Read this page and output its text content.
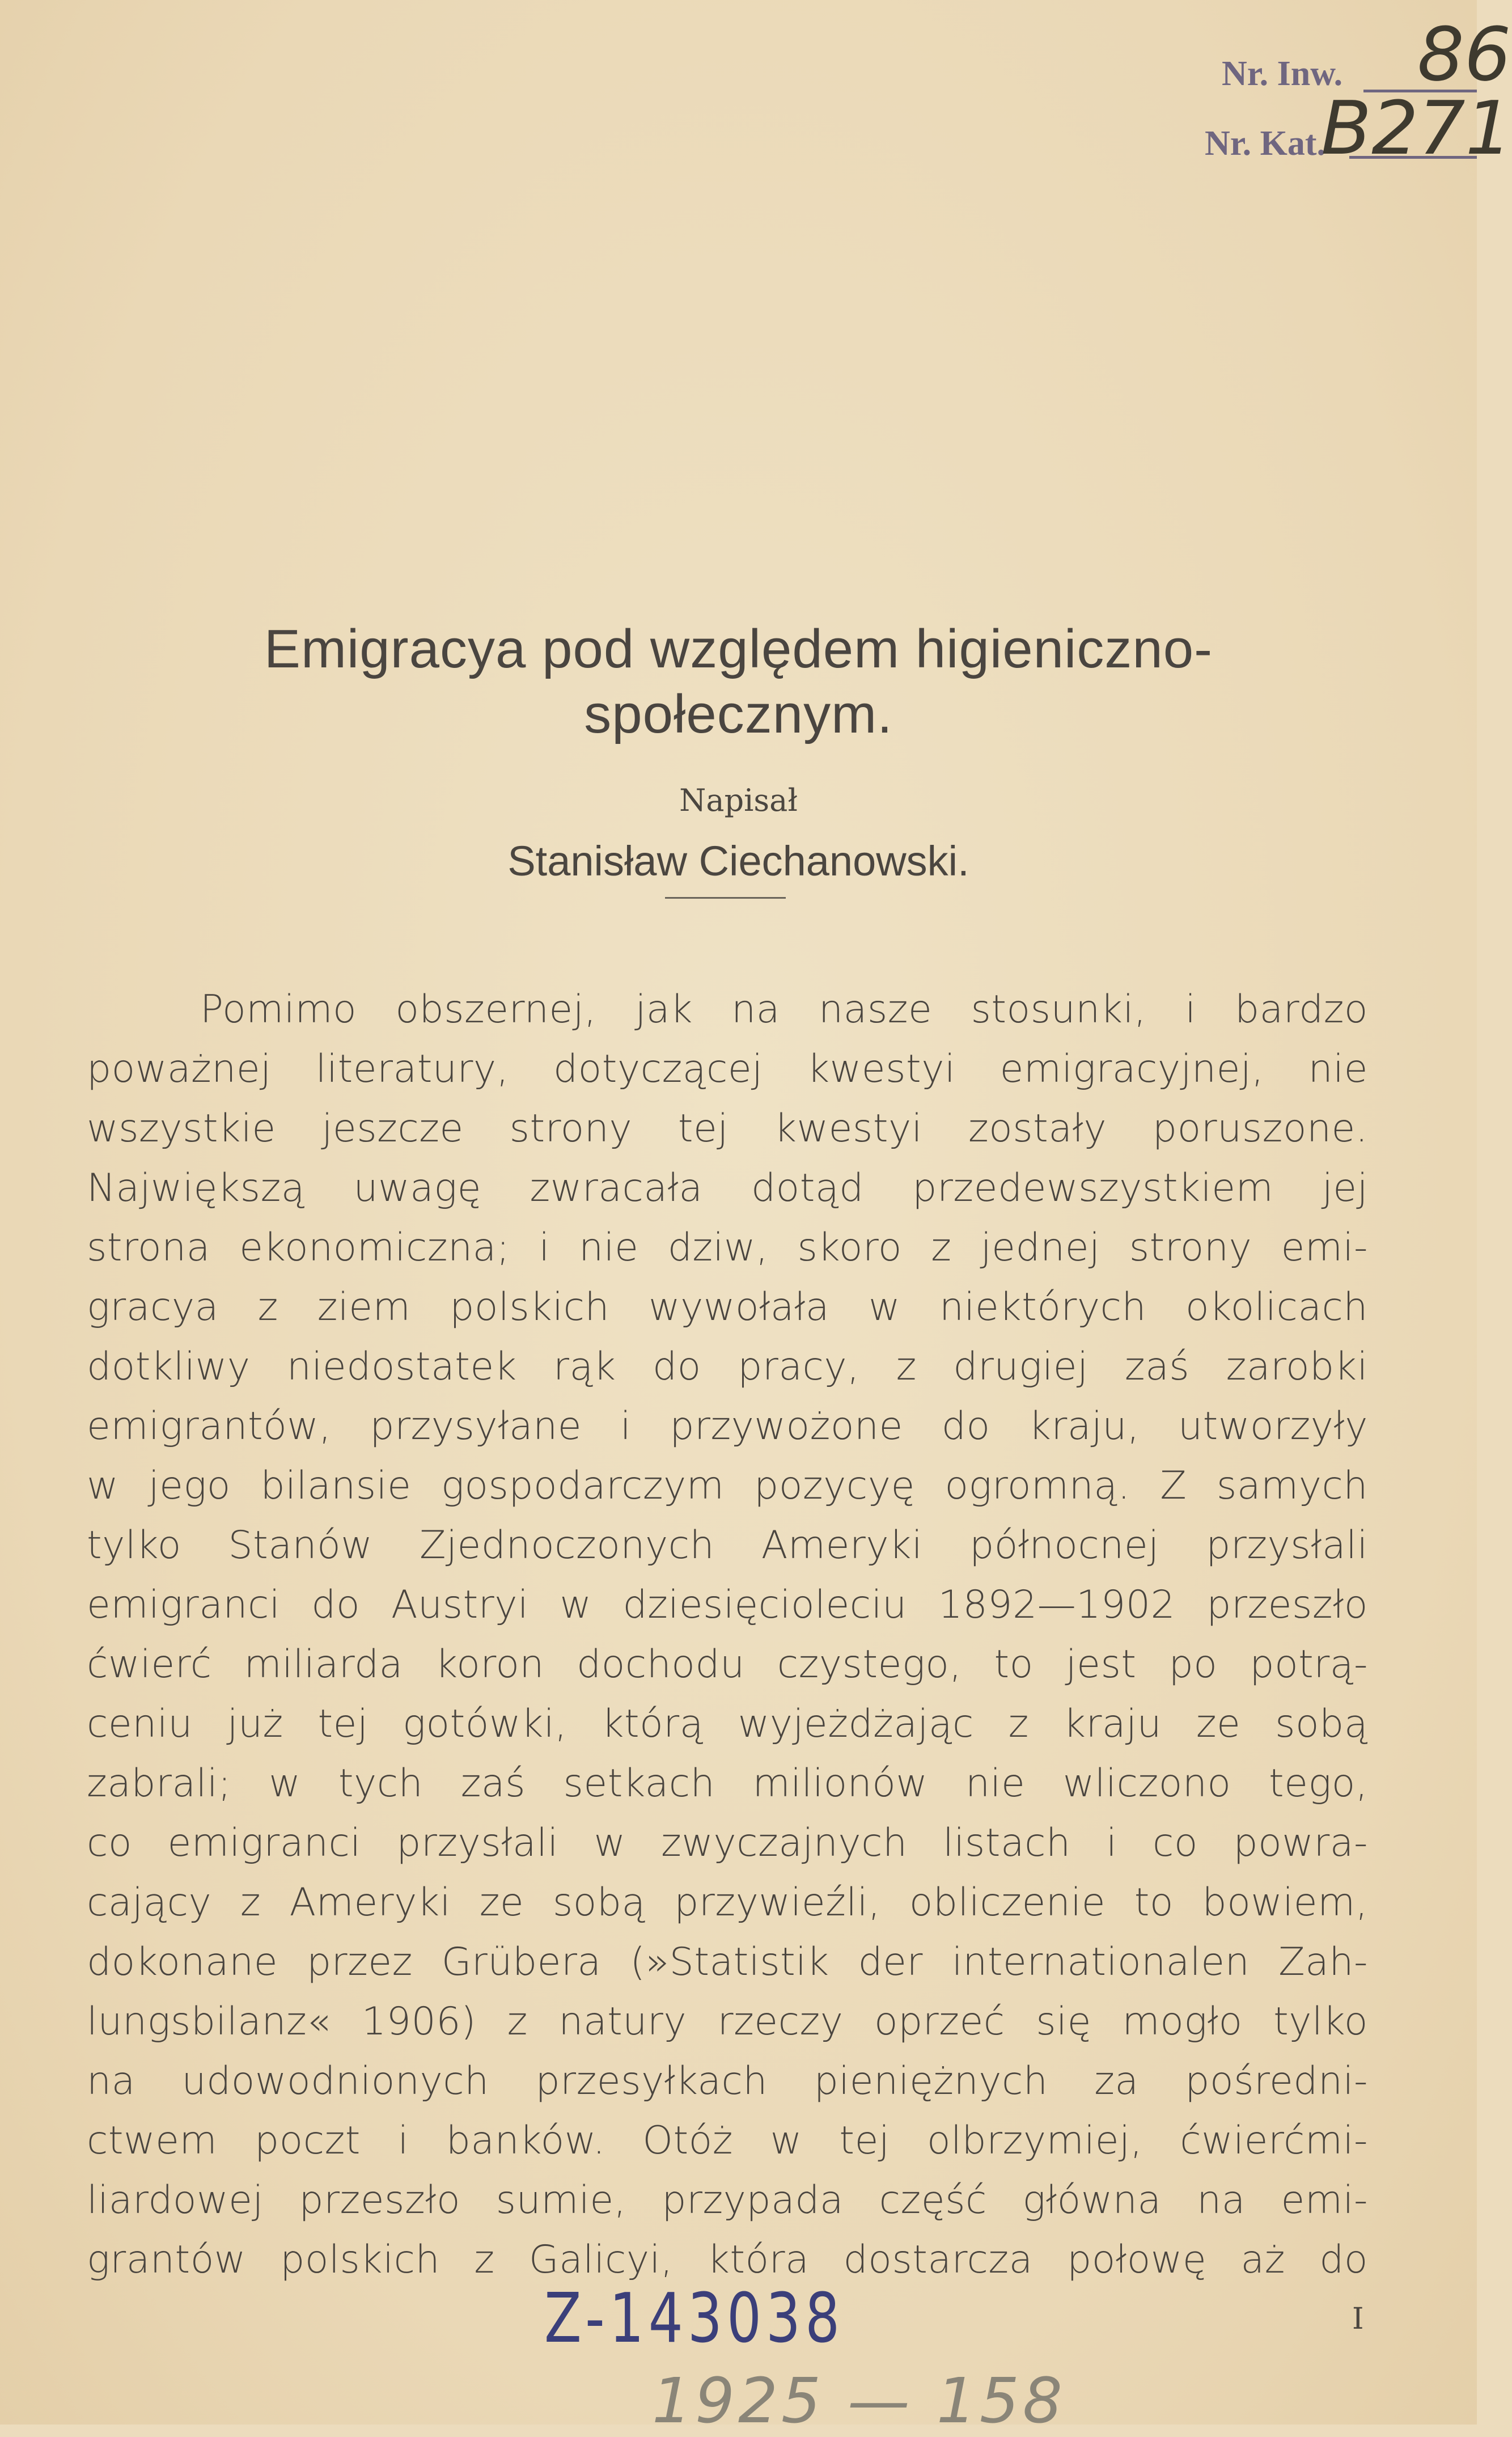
Nr. Inw. 86
Nr. Kat.
B271
Emigracya pod względem higieniczno-
społecznym.
Napisał
Stanisław Ciechanowski.
Pomimo obszernej, jak na nasze stosunki, i bardzo
poważnej literatury, dotyczącej kwestyi emigracyjnej, nie
wszystkie jeszcze strony tej kwestyi zostały poruszone.
Największą uwagę zwracała dotąd przedewszystkiem jej
strona ekonomiczna; i nie dziw, skoro z jednej strony emi-
gracya z ziem polskich wywołała w niektórych okolicach
dotkliwy niedostatek rąk do pracy, z drugiej zaś zarobki
emigrantów, przysyłane i przywożone do kraju, utworzyły
w jego bilansie gospodarczym pozycyę ogromną. Z samych
tylko Stanów Zjednoczonych Ameryki północnej przysłali
emigranci do Austryi w dziesięcioleciu 1892—1902 przeszło
ćwierć miliarda koron dochodu czystego, to jest po potrą-
ceniu już tej gotówki, którą wyjeżdżając z kraju ze sobą
zabrali; w tych zaś setkach milionów nie wliczono tego,
co emigranci przysłali w zwyczajnych listach i co powra-
cający z Ameryki ze sobą przywieźli, obliczenie to bowiem,
dokonane przez Grübera (»Statistik der internationalen Zah-
lungsbilanz« 1906) z natury rzeczy oprzeć się mogło tylko
na udowodnionych przesyłkach pieniężnych za pośredni-
ctwem poczt i banków. Otóż w tej olbrzymiej, ćwierćmi-
liardowej przeszło sumie, przypada część główna na emi-
grantów polskich z Galicyi, która dostarcza połowę aż do
Z-143038	I
1925 — 158
